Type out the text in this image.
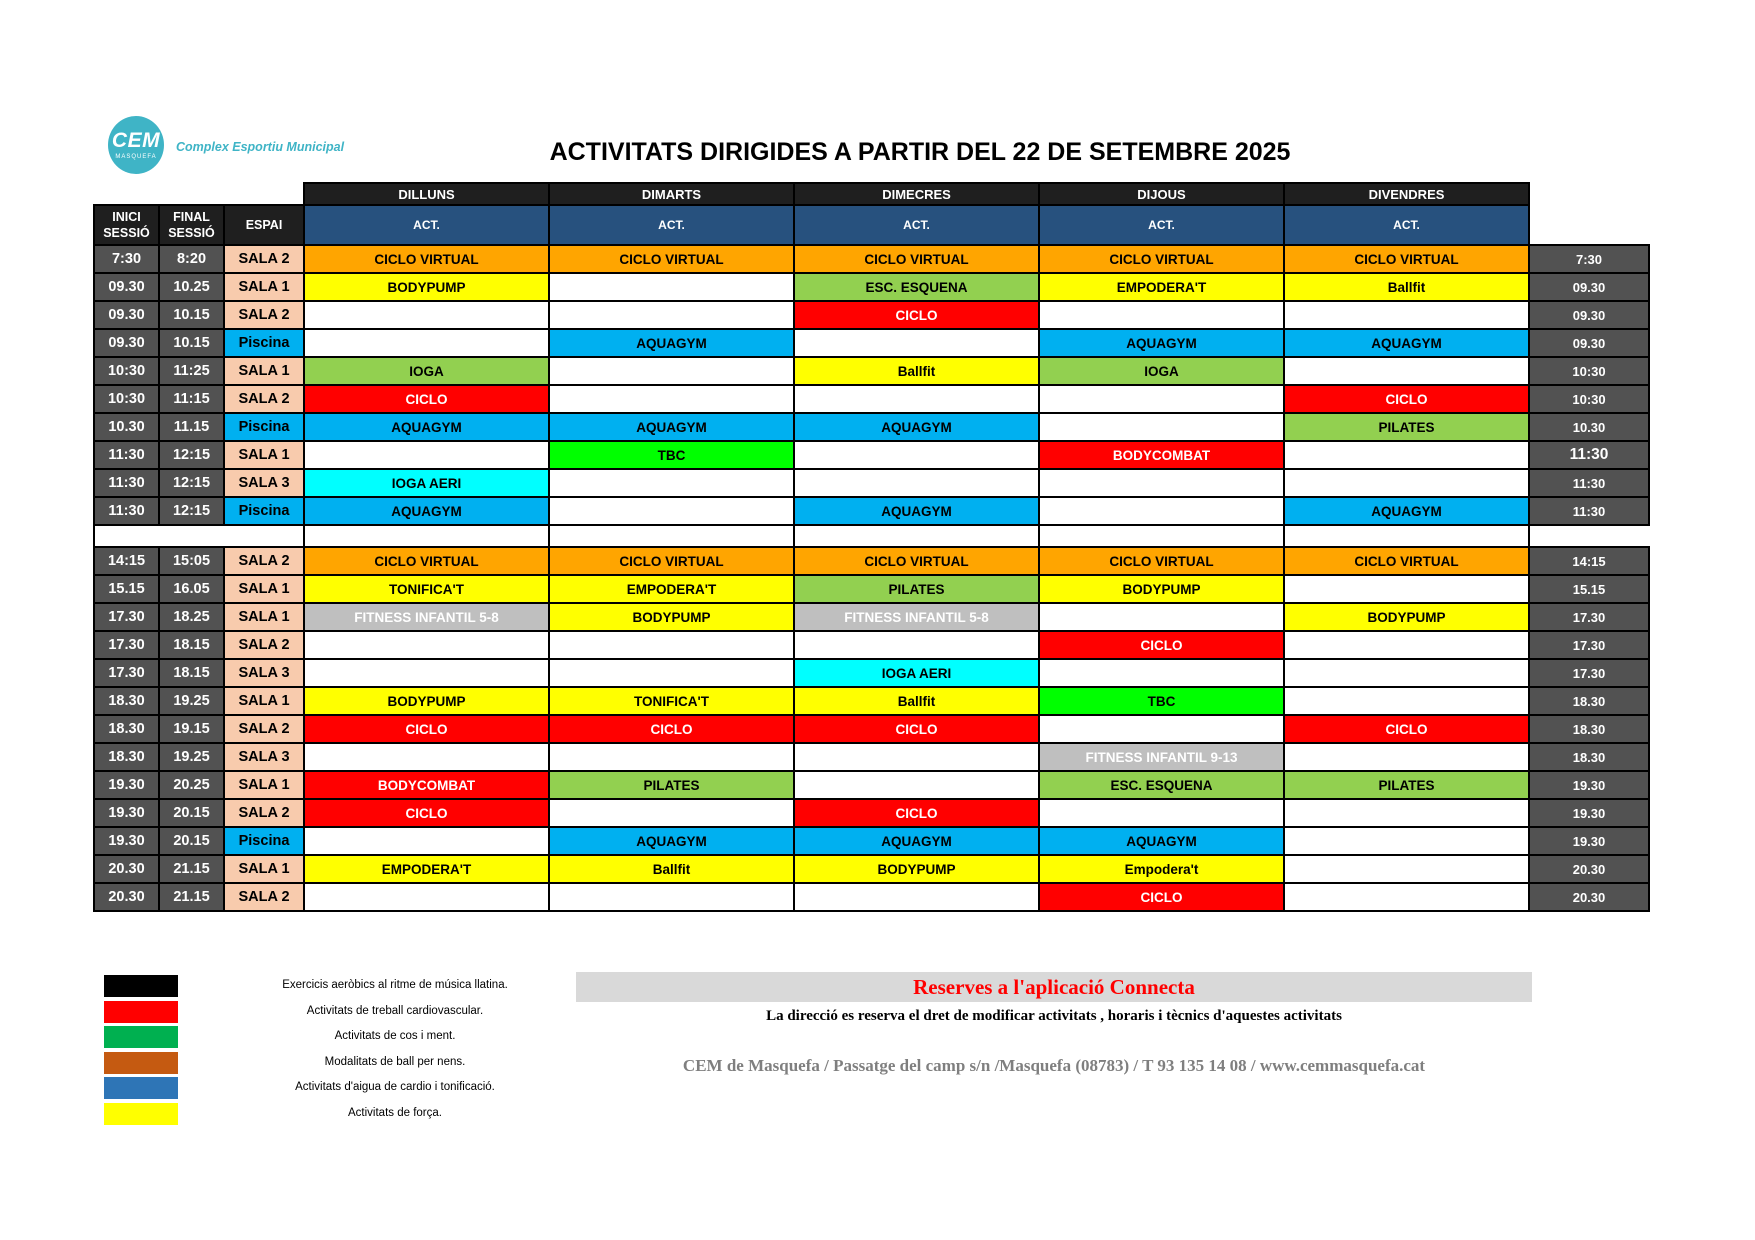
CEM
MASQUEFA
Complex Esportiu Municipal	ACTIVITATS DIRIGIDES A PARTIR DEL 22 DE SETEMBRE 2025
			DILLUNS	DIMARTS	DIMECRES	DIJOUS	DIVENDRES	

INICI
SESSIÓ

FINAL
SESSIÓ

ESPAI	ACT.	ACT.	ACT.	ACT.	ACT.	
7:30	8:20	SALA 2	CICLO VIRTUAL	CICLO VIRTUAL	CICLO VIRTUAL	CICLO VIRTUAL	CICLO VIRTUAL	7:30
09.30	10.25	SALA 1	BODYPUMP		ESC. ESQUENA	EMPODERA'T	Ballfit	09.30
09.30	10.15	SALA 2			CICLO			09.30
09.30	10.15	Piscina		AQUAGYM		AQUAGYM	AQUAGYM	09.30
10:30	11:25	SALA 1	IOGA		Ballfit	IOGA		10:30
10:30	11:15	SALA 2	CICLO				CICLO	10:30
10.30	11.15	Piscina	AQUAGYM	AQUAGYM	AQUAGYM		PILATES	10.30
11:30	12:15	SALA 1		TBC		BODYCOMBAT		11:30
11:30	12:15	SALA 3	IOGA AERI					11:30
11:30	12:15	Piscina	AQUAGYM		AQUAGYM		AQUAGYM	11:30

14:15	15:05	SALA 2	CICLO VIRTUAL	CICLO VIRTUAL	CICLO VIRTUAL	CICLO VIRTUAL	CICLO VIRTUAL	14:15
15.15	16.05	SALA 1	TONIFICA'T	EMPODERA'T	PILATES	BODYPUMP		15.15
17.30	18.25	SALA 1	FITNESS INFANTIL 5-8	BODYPUMP	FITNESS INFANTIL 5-8		BODYPUMP	17.30
17.30	18.15	SALA 2				CICLO		17.30
17.30	18.15	SALA 3			IOGA AERI			17.30
18.30	19.25	SALA 1	BODYPUMP	TONIFICA'T	Ballfit	TBC		18.30
18.30	19.15	SALA 2	CICLO	CICLO	CICLO		CICLO	18.30
18.30	19.25	SALA 3				FITNESS INFANTIL 9-13		18.30
19.30	20.25	SALA 1	BODYCOMBAT	PILATES		ESC. ESQUENA	PILATES	19.30
19.30	20.15	SALA 2	CICLO		CICLO			19.30
19.30	20.15	Piscina		AQUAGYM	AQUAGYM	AQUAGYM		19.30
20.30	21.15	SALA 1	EMPODERA'T	Ballfit	BODYPUMP	Empodera't		20.30
20.30	21.15	SALA 2				CICLO		20.30
Exercicis aeròbics al ritme de música llatina.
Activitats de treball cardiovascular.
Activitats de cos i ment.
Modalitats de ball per nens.
Activitats d'aigua de cardio i tonificació.
Activitats de força.
Reserves a l'aplicació Connecta
La direcció es reserva el dret de modificar activitats , horaris i tècnics d'aquestes activitats
CEM de Masquefa / Passatge del camp s/n /Masquefa (08783) / T 93 135 14 08 / www.cemmasquefa.cat
